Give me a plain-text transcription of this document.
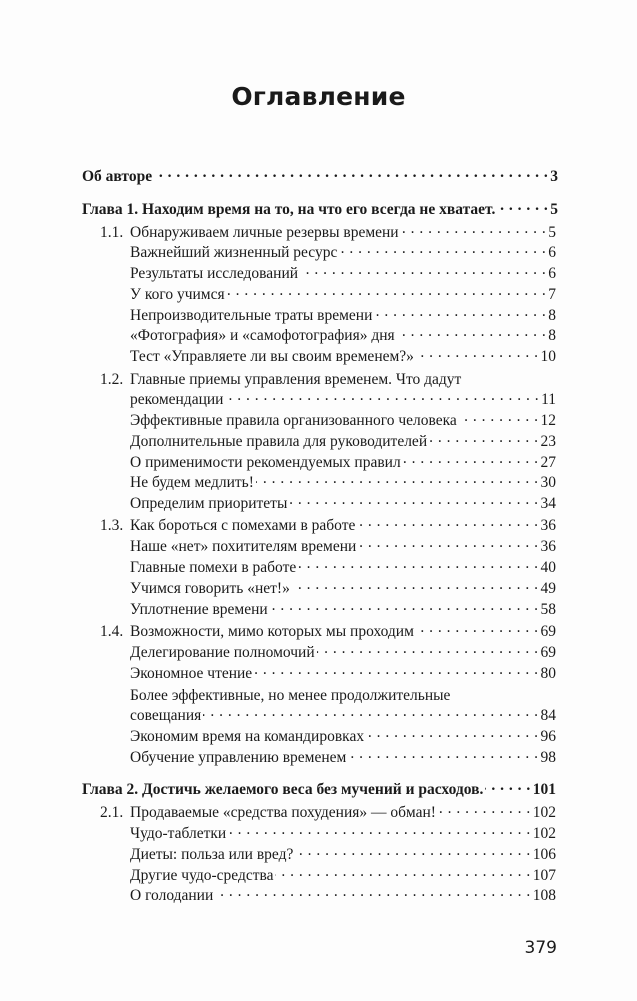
Оглавление
Об авторе . . .	3
Глава 1. Находим время на то, на что его всегда не хватает. . . .	5
1.1. Обнаруживаем личные резервы времени . . .	5
Важнейший жизненный ресурс . . .	6
Результаты исследований . . .	6
У кого учимся . . .	7
Непроизводительные траты времени . . .	8
«Фотография» и «самофотография» дня . . .	8
Тест «Управляете ли вы своим временем?» . . .	10
1.2. Главные приемы управления временем. Что дадут
рекомендации . . .	11
Эффективные правила организованного человека . . .	12
Дополнительные правила для руководителей . . .	23
О применимости рекомендуемых правил . . .	27
Не будем медлить! . . .	30
Определим приоритеты . . .	34
1.3. Как бороться с помехами в работе . . .	36
Наше «нет» похитителям времени . . .	36
Главные помехи в работе . . .	40
Учимся говорить «нет!» . . .	49
Уплотнение времени . . .	58
1.4. Возможности, мимо которых мы проходим . . .	69
Делегирование полномочий . . .	69
Экономное чтение . . .	80
Более эффективные, но менее продолжительные
совещания . . .	84
Экономим время на командировках . . .	96
Обучение управлению временем . . .	98
Глава 2. Достичь желаемого веса без мучений и расходов. . . .	101
2.1. Продаваемые «средства похудения» — обман! . . .	102
Чудо-таблетки . . .	102
Диеты: польза или вред? . . .	106
Другие чудо-средства . . .	107
О голодании . . .	108
379
